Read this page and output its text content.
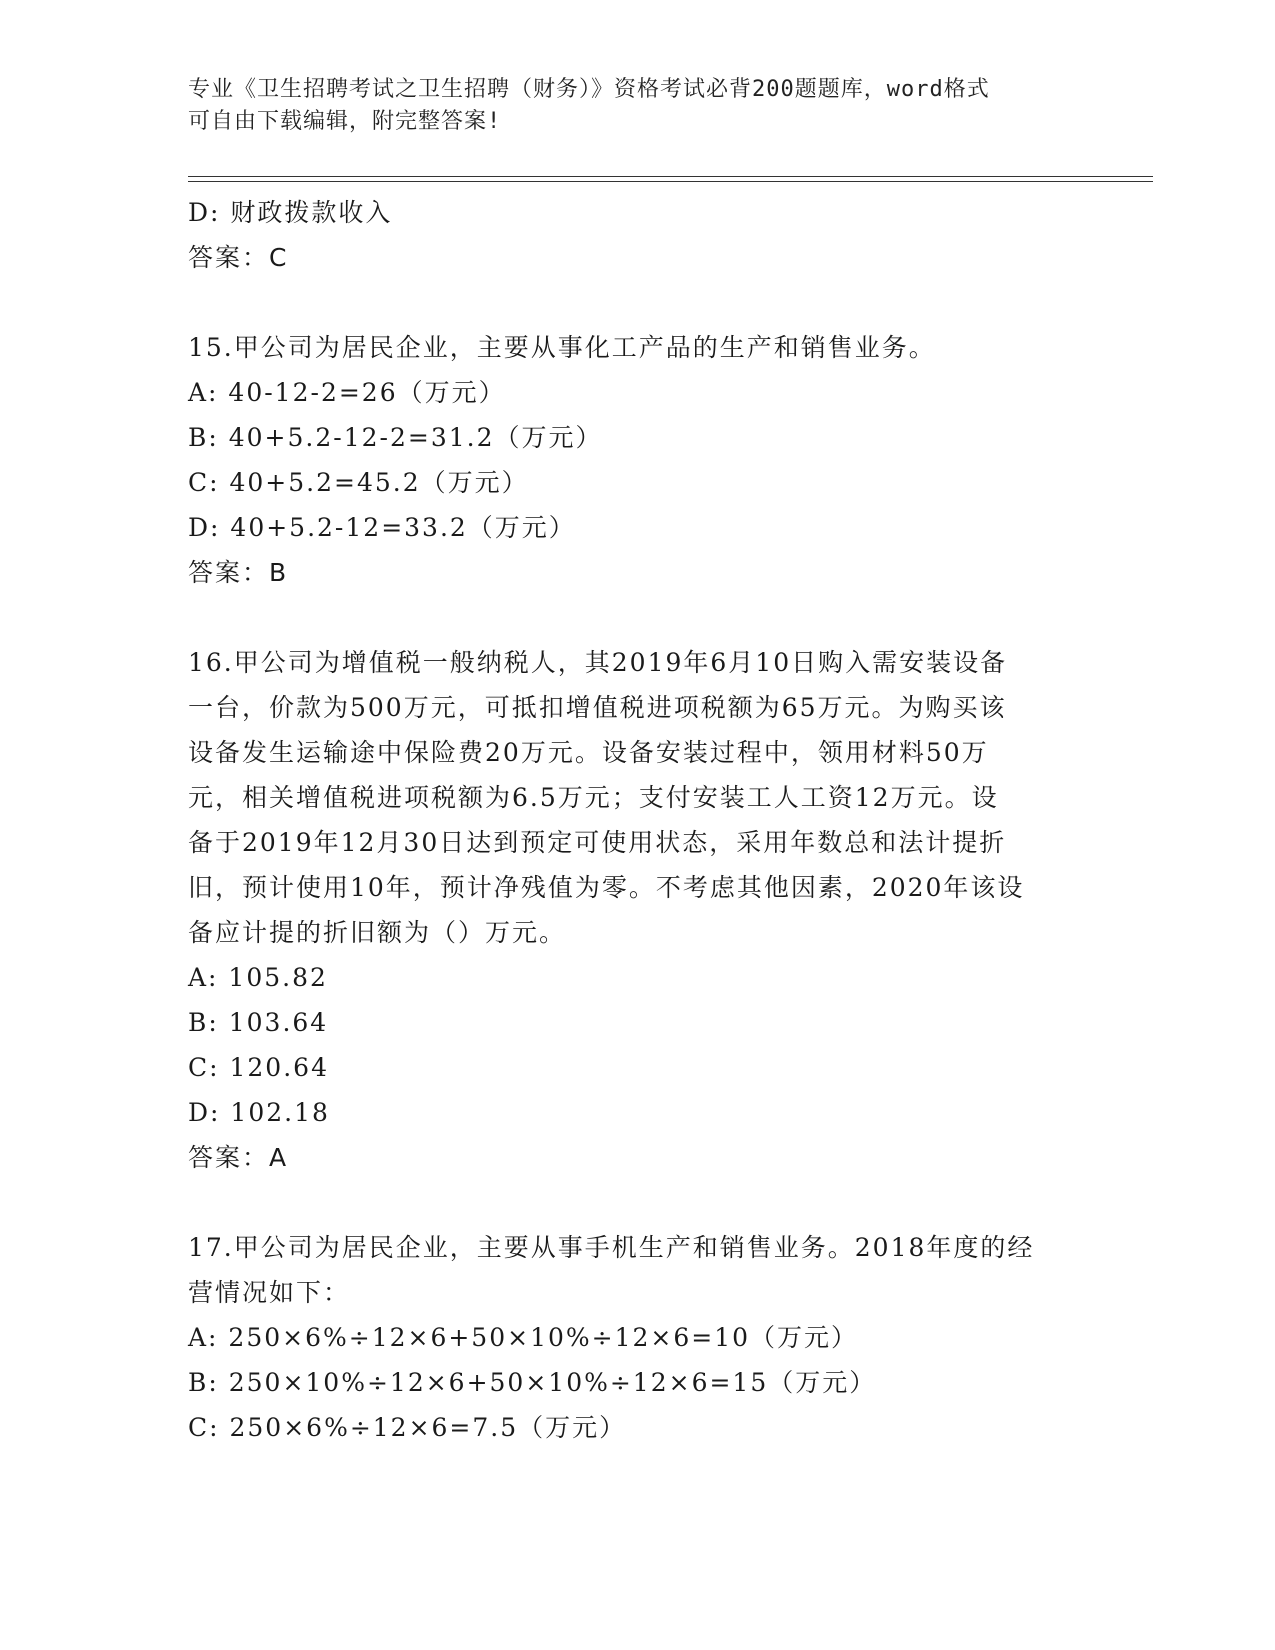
专业《卫生招聘考试之卫生招聘（财务）》资格考试必背200题题库，word格式
可自由下载编辑，附完整答案!
D: 财政拨款收入
答案：C
15.甲公司为居民企业，主要从事化工产品的生产和销售业务。
A: 40-12-2=26（万元）
B: 40+5.2-12-2=31.2（万元）
C: 40+5.2=45.2（万元）
D: 40+5.2-12=33.2（万元）
答案：B
16.甲公司为增值税一般纳税人，其2019年6月10日购入需安装设备
一台，价款为500万元，可抵扣增值税进项税额为65万元。为购买该
设备发生运输途中保险费20万元。设备安装过程中，领用材料50万
元，相关增值税进项税额为6.5万元；支付安装工人工资12万元。设
备于2019年12月30日达到预定可使用状态，采用年数总和法计提折
旧，预计使用10年，预计净残值为零。不考虑其他因素，2020年该设
备应计提的折旧额为（）万元。
A: 105.82
B: 103.64
C: 120.64
D: 102.18
答案：A
17.甲公司为居民企业，主要从事手机生产和销售业务。2018年度的经
营情况如下：
A: 250×6%÷12×6+50×10%÷12×6=10（万元）
B: 250×10%÷12×6+50×10%÷12×6=15（万元）
C: 250×6%÷12×6=7.5（万元）
